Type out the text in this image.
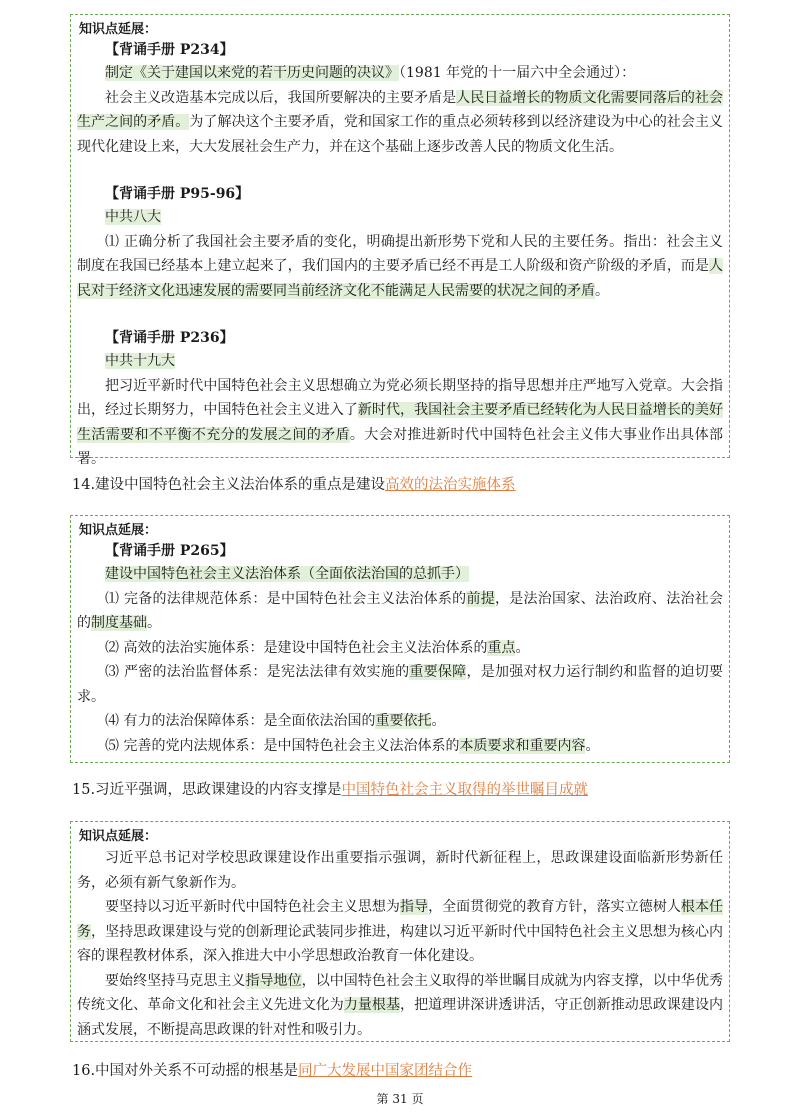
知识点延展：
【背诵手册 P234】

制定《关于建国以来党的若干历史问题的决议》（1981 年党的十一届六中全会通过）：

社会主义改造基本完成以后，我国所要解决的主要矛盾是人民日益增长的物质文化需要同落后的社会生产之间的矛盾。为了解决这个主要矛盾，党和国家工作的重点必须转移到以经济建设为中心的社会主义现代化建设上来，大大发展社会生产力，并在这个基础上逐步改善人民的物质文化生活。

【背诵手册 P95-96】

中共八大

⑴ 正确分析了我国社会主要矛盾的变化，明确提出新形势下党和人民的主要任务。指出：社会主义制度在我国已经基本上建立起来了，我们国内的主要矛盾已经不再是工人阶级和资产阶级的矛盾，而是人民对于经济文化迅速发展的需要同当前经济文化不能满足人民需要的状况之间的矛盾。

【背诵手册 P236】

中共十九大

把习近平新时代中国特色社会主义思想确立为党必须长期坚持的指导思想并庄严地写入党章。大会指出，经过长期努力，中国特色社会主义进入了新时代，我国社会主要矛盾已经转化为人民日益增长的美好生活需要和不平衡不充分的发展之间的矛盾。大会对推进新时代中国特色社会主义伟大事业作出具体部署。

14.建设中国特色社会主义法治体系的重点是建设高效的法治实施体系

知识点延展：
【背诵手册 P265】

建设中国特色社会主义法治体系（全面依法治国的总抓手）

⑴ 完备的法律规范体系：是中国特色社会主义法治体系的前提，是法治国家、法治政府、法治社会的制度基础。

⑵ 高效的法治实施体系：是建设中国特色社会主义法治体系的重点。

⑶ 严密的法治监督体系：是宪法法律有效实施的重要保障，是加强对权力运行制约和监督的迫切要求。

⑷ 有力的法治保障体系：是全面依法治国的重要依托。

⑸ 完善的党内法规体系：是中国特色社会主义法治体系的本质要求和重要内容。

15.习近平强调，思政课建设的内容支撑是中国特色社会主义取得的举世瞩目成就

知识点延展：

习近平总书记对学校思政课建设作出重要指示强调，新时代新征程上，思政课建设面临新形势新任务，必须有新气象新作为。

要坚持以习近平新时代中国特色社会主义思想为指导，全面贯彻党的教育方针，落实立德树人根本任务，坚持思政课建设与党的创新理论武装同步推进，构建以习近平新时代中国特色社会主义思想为核心内容的课程教材体系，深入推进大中小学思想政治教育一体化建设。

要始终坚持马克思主义指导地位，以中国特色社会主义取得的举世瞩目成就为内容支撑，以中华优秀传统文化、革命文化和社会主义先进文化为力量根基，把道理讲深讲透讲活，守正创新推动思政课建设内涵式发展，不断提高思政课的针对性和吸引力。

16.中国对外关系不可动摇的根基是同广大发展中国家团结合作

第 31 页
